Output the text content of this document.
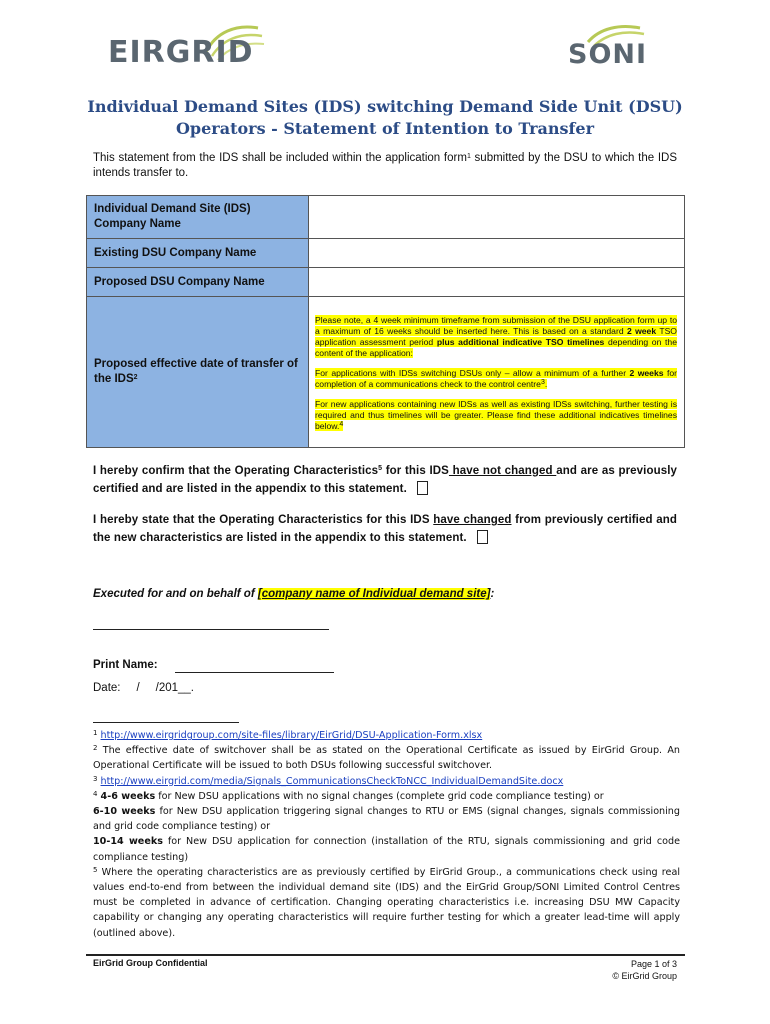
EIRGRID	SONI
Individual Demand Sites (IDS) switching Demand Side Unit (DSU)
Operators - Statement of Intention to Transfer
This statement from the IDS shall be included within the application form$^1$ submitted by the DSU to which the IDS intends transfer to.
Individual Demand Site (IDS) Company Name	
Existing DSU Company Name	
Proposed DSU Company Name	
Proposed effective date of transfer of the IDS$^2$	Please note, a 4 week minimum timeframe from submission of the DSU application form up to a maximum of 16 weeks should be inserted here. This is based on a standard 2 week TSO application assessment period plus additional indicative TSO timelines depending on the content of the application:

For applications with IDSs switching DSUs only – allow a minimum of a further 2 weeks for completion of a communications check to the control centre$^3$.

For new applications containing new IDSs as well as existing IDSs switching, further testing is required and thus timelines will be greater. Please find these additional indicatives timelines below.$^4$

I hereby confirm that the Operating Characteristics$^5$ for this IDS have not changed and are as previously certified and are listed in the appendix to this statement.
I hereby state that the Operating Characteristics for this IDS have changed from previously certified and the new characteristics are listed in the appendix to this statement.
Executed for and on behalf of [company name of Individual demand site]:
Print Name:
Date:     /     /201__.

$^1$ http://www.eirgridgroup.com/site-files/library/EirGrid/DSU-Application-Form.xlsx

$^2$ The effective date of switchover shall be as stated on the Operational Certificate as issued by EirGrid Group. An Operational Certificate will be issued to both DSUs following successful switchover.

$^3$ http://www.eirgrid.com/media/Signals_CommunicationsCheckToNCC_IndividualDemandSite.docx

$^4$ 4-6 weeks for New DSU applications with no signal changes (complete grid code compliance testing) or

6-10 weeks for New DSU application triggering signal changes to RTU or EMS (signal changes, signals commissioning and grid code compliance testing) or

10-14 weeks for New DSU application for connection (installation of the RTU, signals commissioning and grid code compliance testing)

$^5$ Where the operating characteristics are as previously certified by EirGrid Group., a communications check using real values end-to-end from between the individual demand site (IDS) and the EirGrid Group/SONI Limited Control Centres must be completed in advance of certification. Changing operating characteristics i.e. increasing DSU MW Capacity capability or changing any operating characteristics will require further testing for which a greater lead-time will apply (outlined above).

EirGrid Group Confidential	Page 1 of 3
© EirGrid Group
